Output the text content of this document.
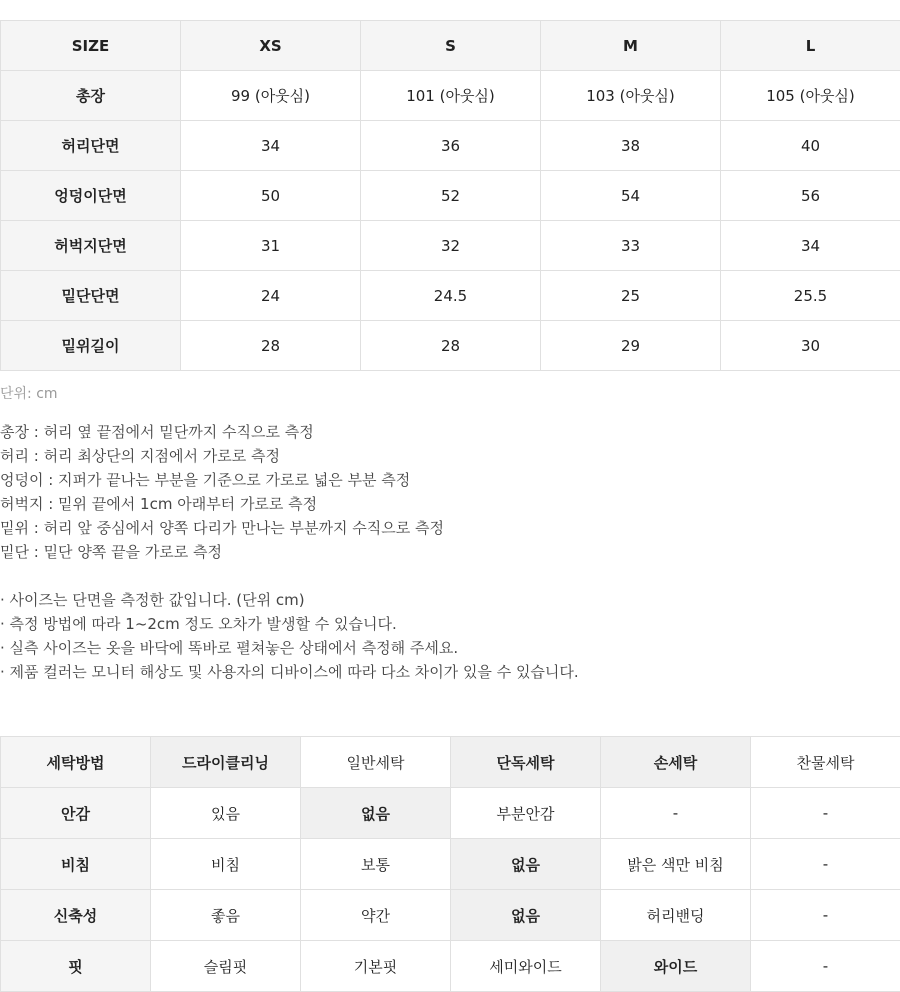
SIZE	XS	S	M	L
총장	99 (아웃심)	101 (아웃심)	103 (아웃심)	105 (아웃심)
허리단면	34	36	38	40
엉덩이단면	50	52	54	56
허벅지단면	31	32	33	34
밑단단면	24	24.5	25	25.5
밑위길이	28	28	29	30
단위: cm
총장 : 허리 옆 끝점에서 밑단까지 수직으로 측정
허리 : 허리 최상단의 지점에서 가로로 측정
엉덩이 : 지퍼가 끝나는 부분을 기준으로 가로로 넓은 부분 측정
허벅지 : 밑위 끝에서 1cm 아래부터 가로로 측정
밑위 : 허리 앞 중심에서 양쪽 다리가 만나는 부분까지 수직으로 측정
밑단 : 밑단 양쪽 끝을 가로로 측정
· 사이즈는 단면을 측정한 값입니다. (단위 cm)
· 측정 방법에 따라 1~2cm 정도 오차가 발생할 수 있습니다.
· 실측 사이즈는 옷을 바닥에 똑바로 펼쳐놓은 상태에서 측정해 주세요.
· 제품 컬러는 모니터 해상도 및 사용자의 디바이스에 따라 다소 차이가 있을 수 있습니다.
세탁방법	드라이클리닝	일반세탁	단독세탁	손세탁	찬물세탁
안감	있음	없음	부분안감	-	-
비침	비침	보통	없음	밝은 색만 비침	-
신축성	좋음	약간	없음	허리밴딩	-
핏	슬림핏	기본핏	세미와이드	와이드	-
